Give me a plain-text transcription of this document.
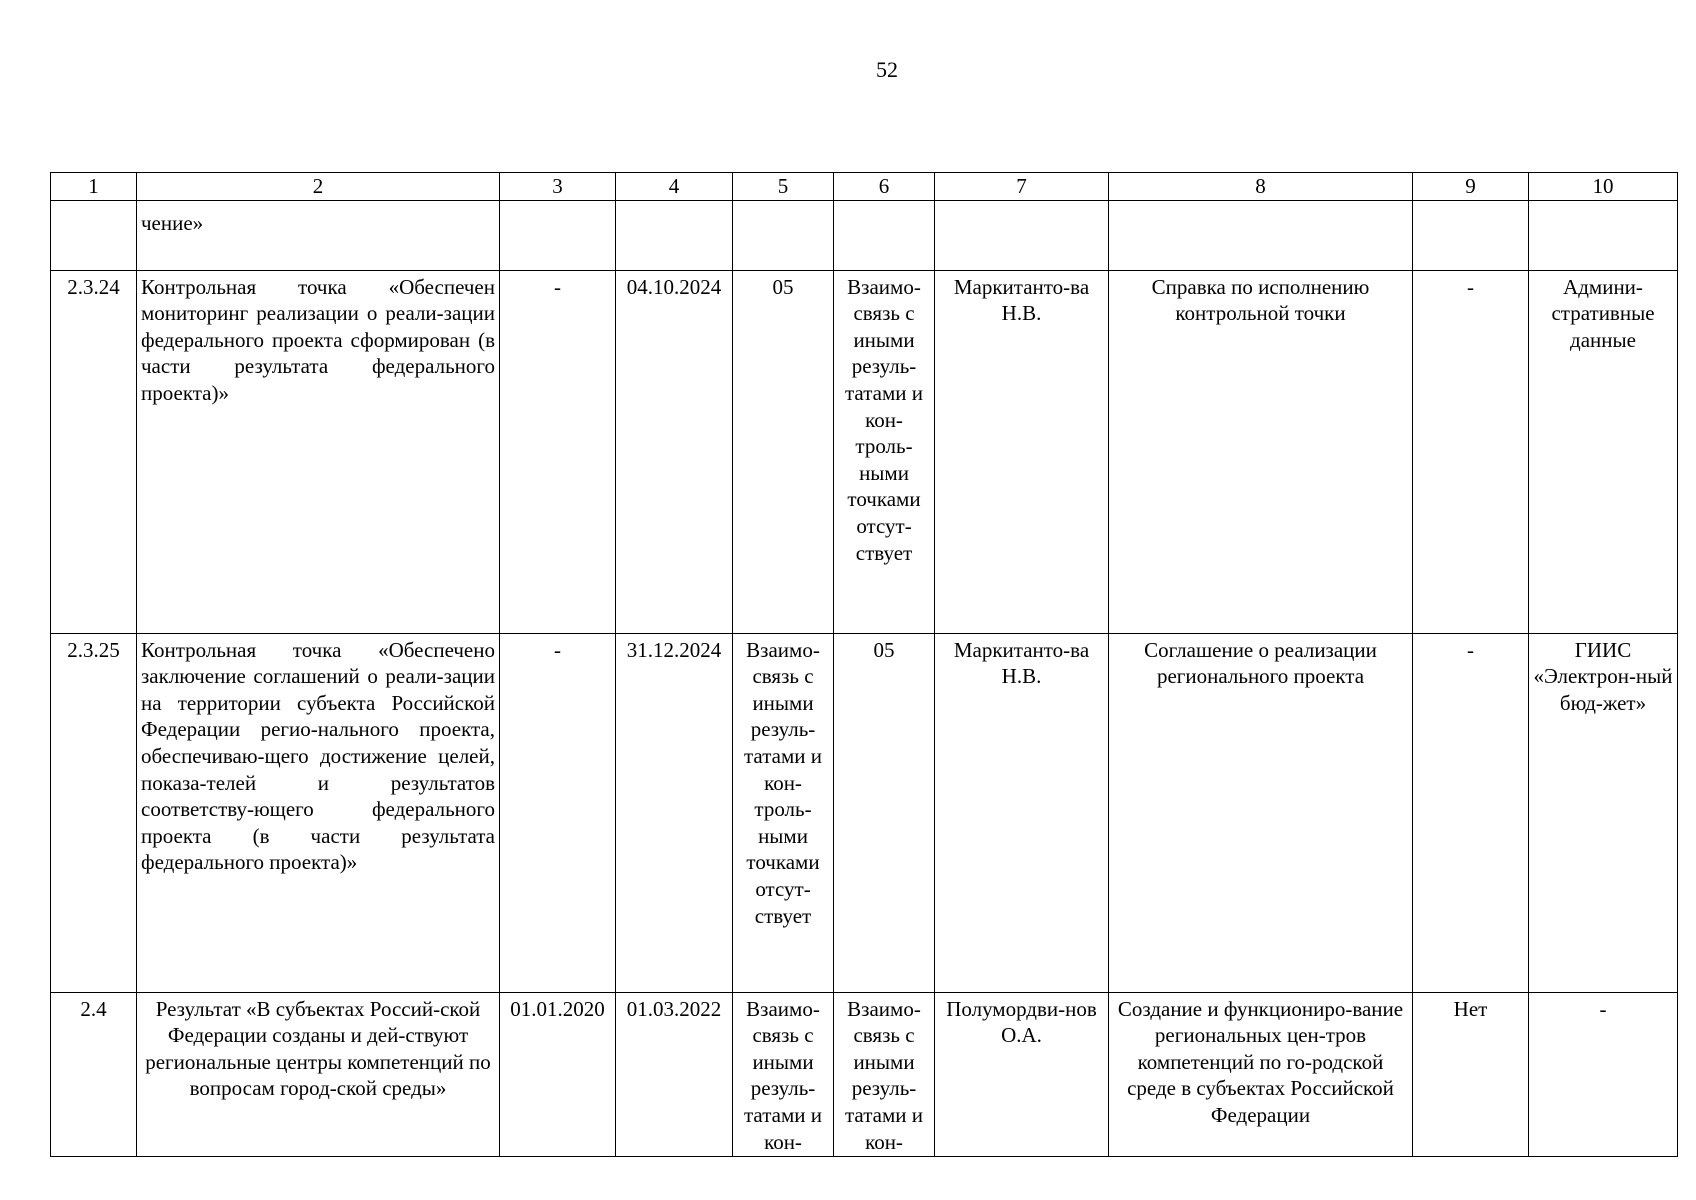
52
1	2	3	4	5	6	7	8	9	10
	чение»								
2.3.24	Контрольная точка «Обеспечен мониторинг реализации о реали-зации федерального проекта сформирован (в части результата федерального проекта)»	-	04.10.2024	05	Взаимо-связь с иными резуль-татами и кон-троль-ными точками отсут-ствует	Маркитанто-ва Н.В.	Справка по исполнению контрольной точки	-	Админи-стративные данные
2.3.25	Контрольная точка «Обеспечено заключение соглашений о реали-зации на территории субъекта Российской Федерации регио-нального проекта, обеспечиваю-щего достижение целей, показа-телей и результатов соответству-ющего федерального проекта (в части результата федерального проекта)»	-	31.12.2024	Взаимо-связь с иными резуль-татами и кон-троль-ными точками отсут-ствует	05	Маркитанто-ва Н.В.	Соглашение о реализации регионального проекта	-	ГИИС «Электрон-ный бюд-жет»
2.4	Результат «В субъектах Россий-ской Федерации созданы и дей-ствуют региональные центры компетенций по вопросам город-ской среды»	01.01.2020	01.03.2022	Взаимо-связь с иными резуль-татами и кон-	Взаимо-связь с иными резуль-татами и кон-	Полумордви-нов О.А.	Создание и функциониро-вание региональных цен-тров компетенций по го-родской среде в субъектах Российской Федерации	Нет	-
